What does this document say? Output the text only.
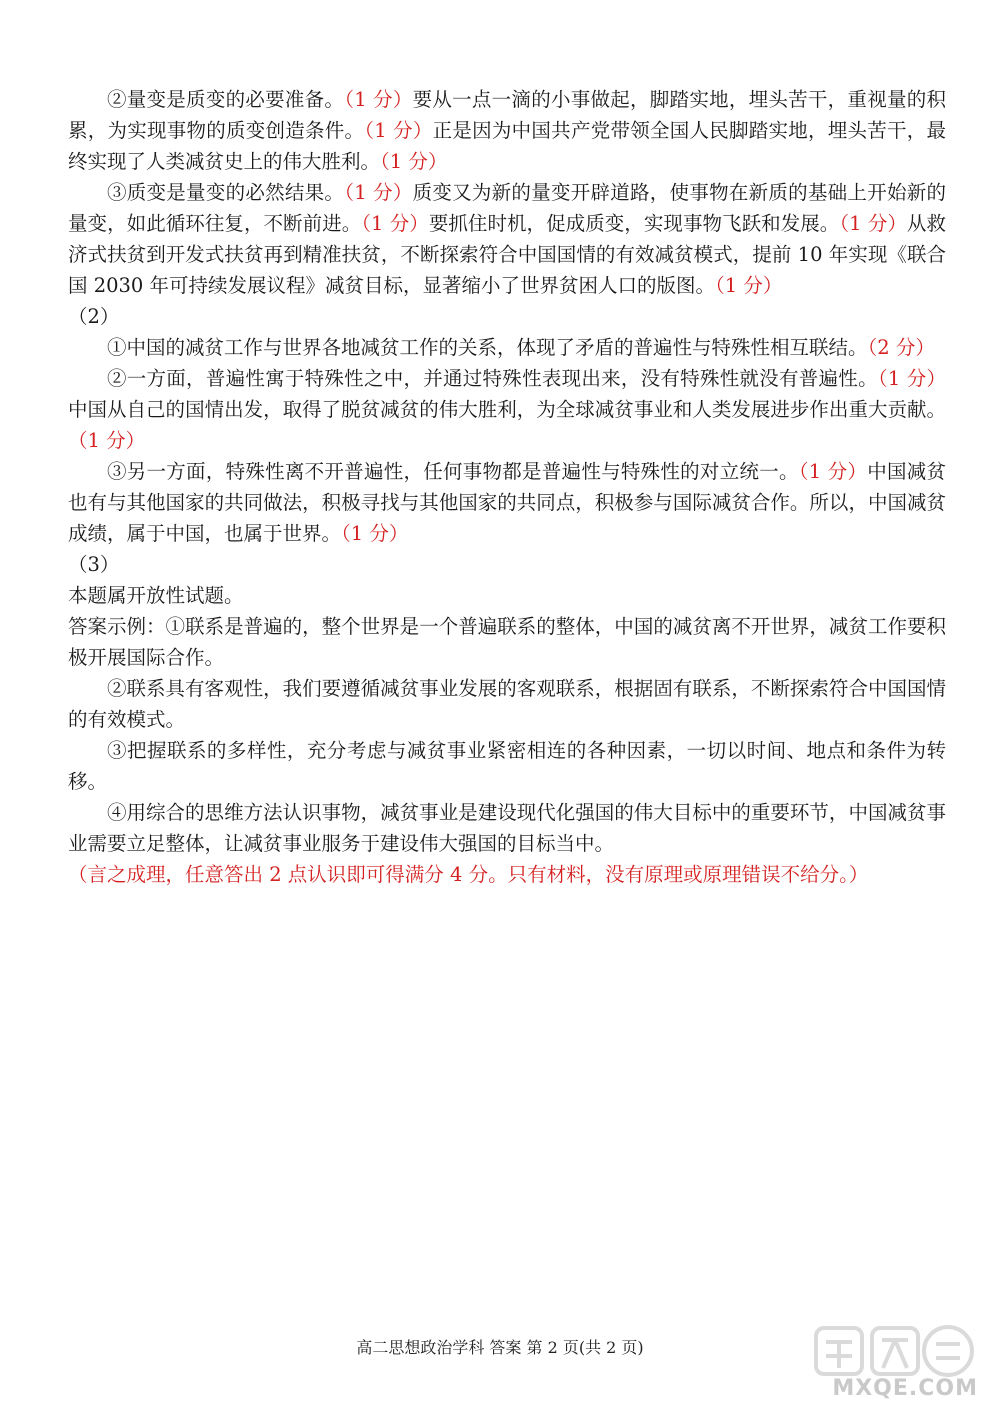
②量变是质变的必要准备。（1 分）要从一点一滴的小事做起，脚踏实地，埋头苦干，重视量的积累，为实现事物的质变创造条件。（1 分）正是因为中国共产党带领全国人民脚踏实地，埋头苦干，最终实现了人类减贫史上的伟大胜利。（1 分）

③质变是量变的必然结果。（1 分）质变又为新的量变开辟道路，使事物在新质的基础上开始新的量变，如此循环往复，不断前进。（1 分）要抓住时机，促成质变，实现事物飞跃和发展。（1 分）从救济式扶贫到开发式扶贫再到精准扶贫，不断探索符合中国国情的有效减贫模式，提前 10 年实现《联合国 2030 年可持续发展议程》减贫目标，显著缩小了世界贫困人口的版图。（1 分）

（2）

①中国的减贫工作与世界各地减贫工作的关系，体现了矛盾的普遍性与特殊性相互联结。（2 分）

②一方面，普遍性寓于特殊性之中，并通过特殊性表现出来，没有特殊性就没有普遍性。（1 分）中国从自己的国情出发，取得了脱贫减贫的伟大胜利，为全球减贫事业和人类发展进步作出重大贡献。（1 分）

③另一方面，特殊性离不开普遍性，任何事物都是普遍性与特殊性的对立统一。（1 分）中国减贫也有与其他国家的共同做法，积极寻找与其他国家的共同点，积极参与国际减贫合作。所以，中国减贫成绩，属于中国，也属于世界。（1 分）

（3）

本题属开放性试题。

答案示例：①联系是普遍的，整个世界是一个普遍联系的整体，中国的减贫离不开世界，减贫工作要积极开展国际合作。

②联系具有客观性，我们要遵循减贫事业发展的客观联系，根据固有联系，不断探索符合中国国情的有效模式。

③把握联系的多样性，充分考虑与减贫事业紧密相连的各种因素，一切以时间、地点和条件为转移。

④用综合的思维方法认识事物，减贫事业是建设现代化强国的伟大目标中的重要环节，中国减贫事业需要立足整体，让减贫事业服务于建设伟大强国的目标当中。

（言之成理，任意答出 2 点认识即可得满分 4 分。只有材料，没有原理或原理错误不给分。）

高二思想政治学科 答案 第 2 页(共 2 页)
MXQE.COM
